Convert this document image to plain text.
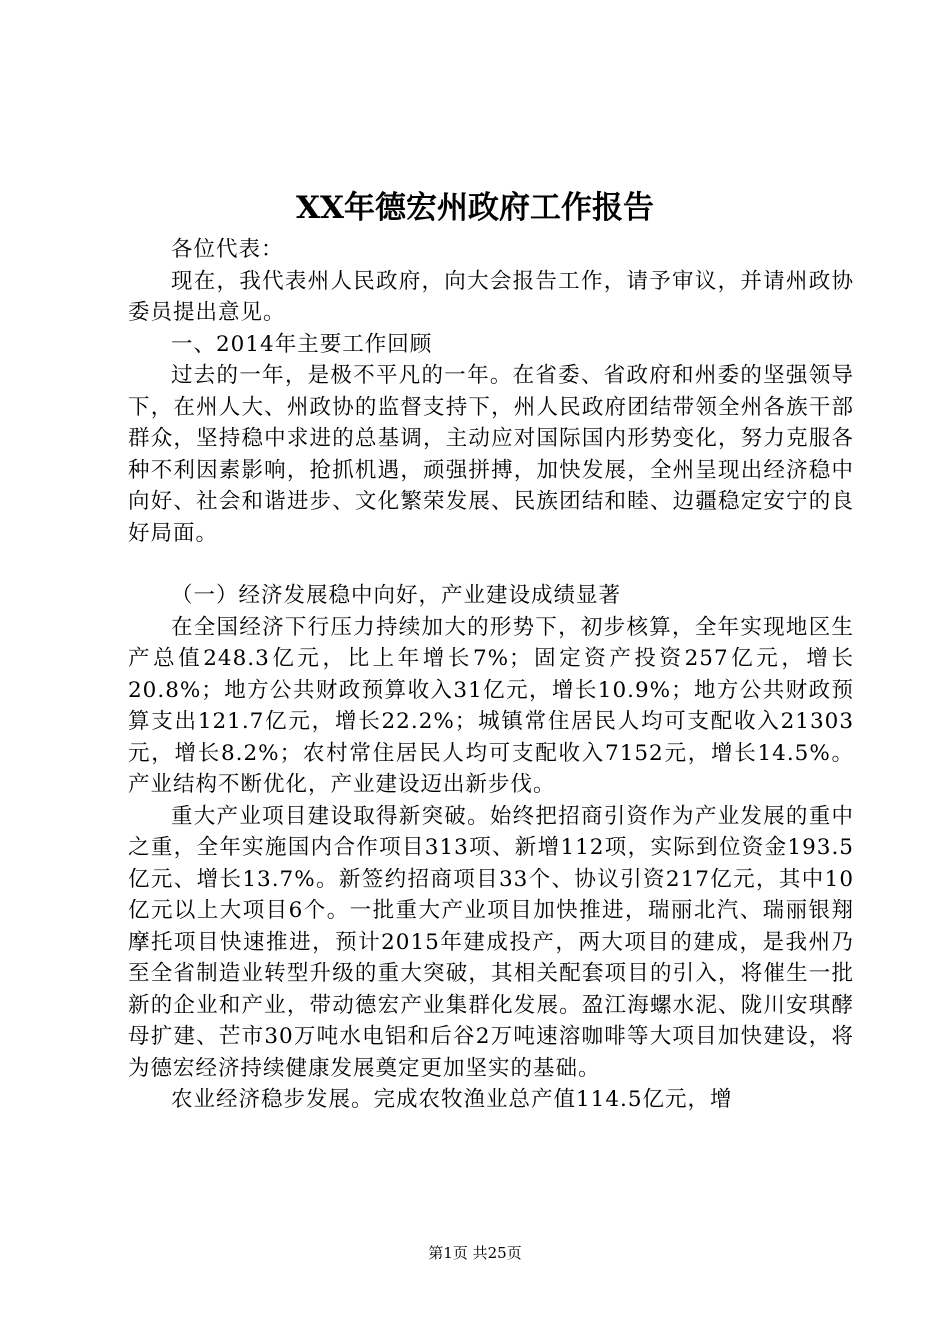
XX年德宏州政府工作报告

各位代表：

现在，我代表州人民政府，向大会报告工作，请予审议，并请州政协委员提出意见。

一、2014年主要工作回顾

过去的一年，是极不平凡的一年。在省委、省政府和州委的坚强领导下，在州人大、州政协的监督支持下，州人民政府团结带领全州各族干部群众，坚持稳中求进的总基调，主动应对国际国内形势变化，努力克服各种不利因素影响，抢抓机遇，顽强拼搏，加快发展，全州呈现出经济稳中向好、社会和谐进步、文化繁荣发展、民族团结和睦、边疆稳定安宁的良好局面。

（一）经济发展稳中向好，产业建设成绩显著

在全国经济下行压力持续加大的形势下，初步核算，全年实现地区生产总值248.3亿元，比上年增长7%；固定资产投资257亿元，增长20.8%；地方公共财政预算收入31亿元，增长10.9%；地方公共财政预算支出121.7亿元，增长22.2%；城镇常住居民人均可支配收入21303元，增长8.2%；农村常住居民人均可支配收入7152元，增长14.5%。产业结构不断优化，产业建设迈出新步伐。

重大产业项目建设取得新突破。始终把招商引资作为产业发展的重中之重，全年实施国内合作项目313项、新增112项，实际到位资金193.5亿元、增长13.7%。新签约招商项目33个、协议引资217亿元，其中10亿元以上大项目6个。一批重大产业项目加快推进，瑞丽北汽、瑞丽银翔摩托项目快速推进，预计2015年建成投产，两大项目的建成，是我州乃至全省制造业转型升级的重大突破，其相关配套项目的引入，将催生一批新的企业和产业，带动德宏产业集群化发展。盈江海螺水泥、陇川安琪酵母扩建、芒市30万吨水电铝和后谷2万吨速溶咖啡等大项目加快建设，将为德宏经济持续健康发展奠定更加坚实的基础。

农业经济稳步发展。完成农牧渔业总产值114.5亿元，增

第1页 共25页
